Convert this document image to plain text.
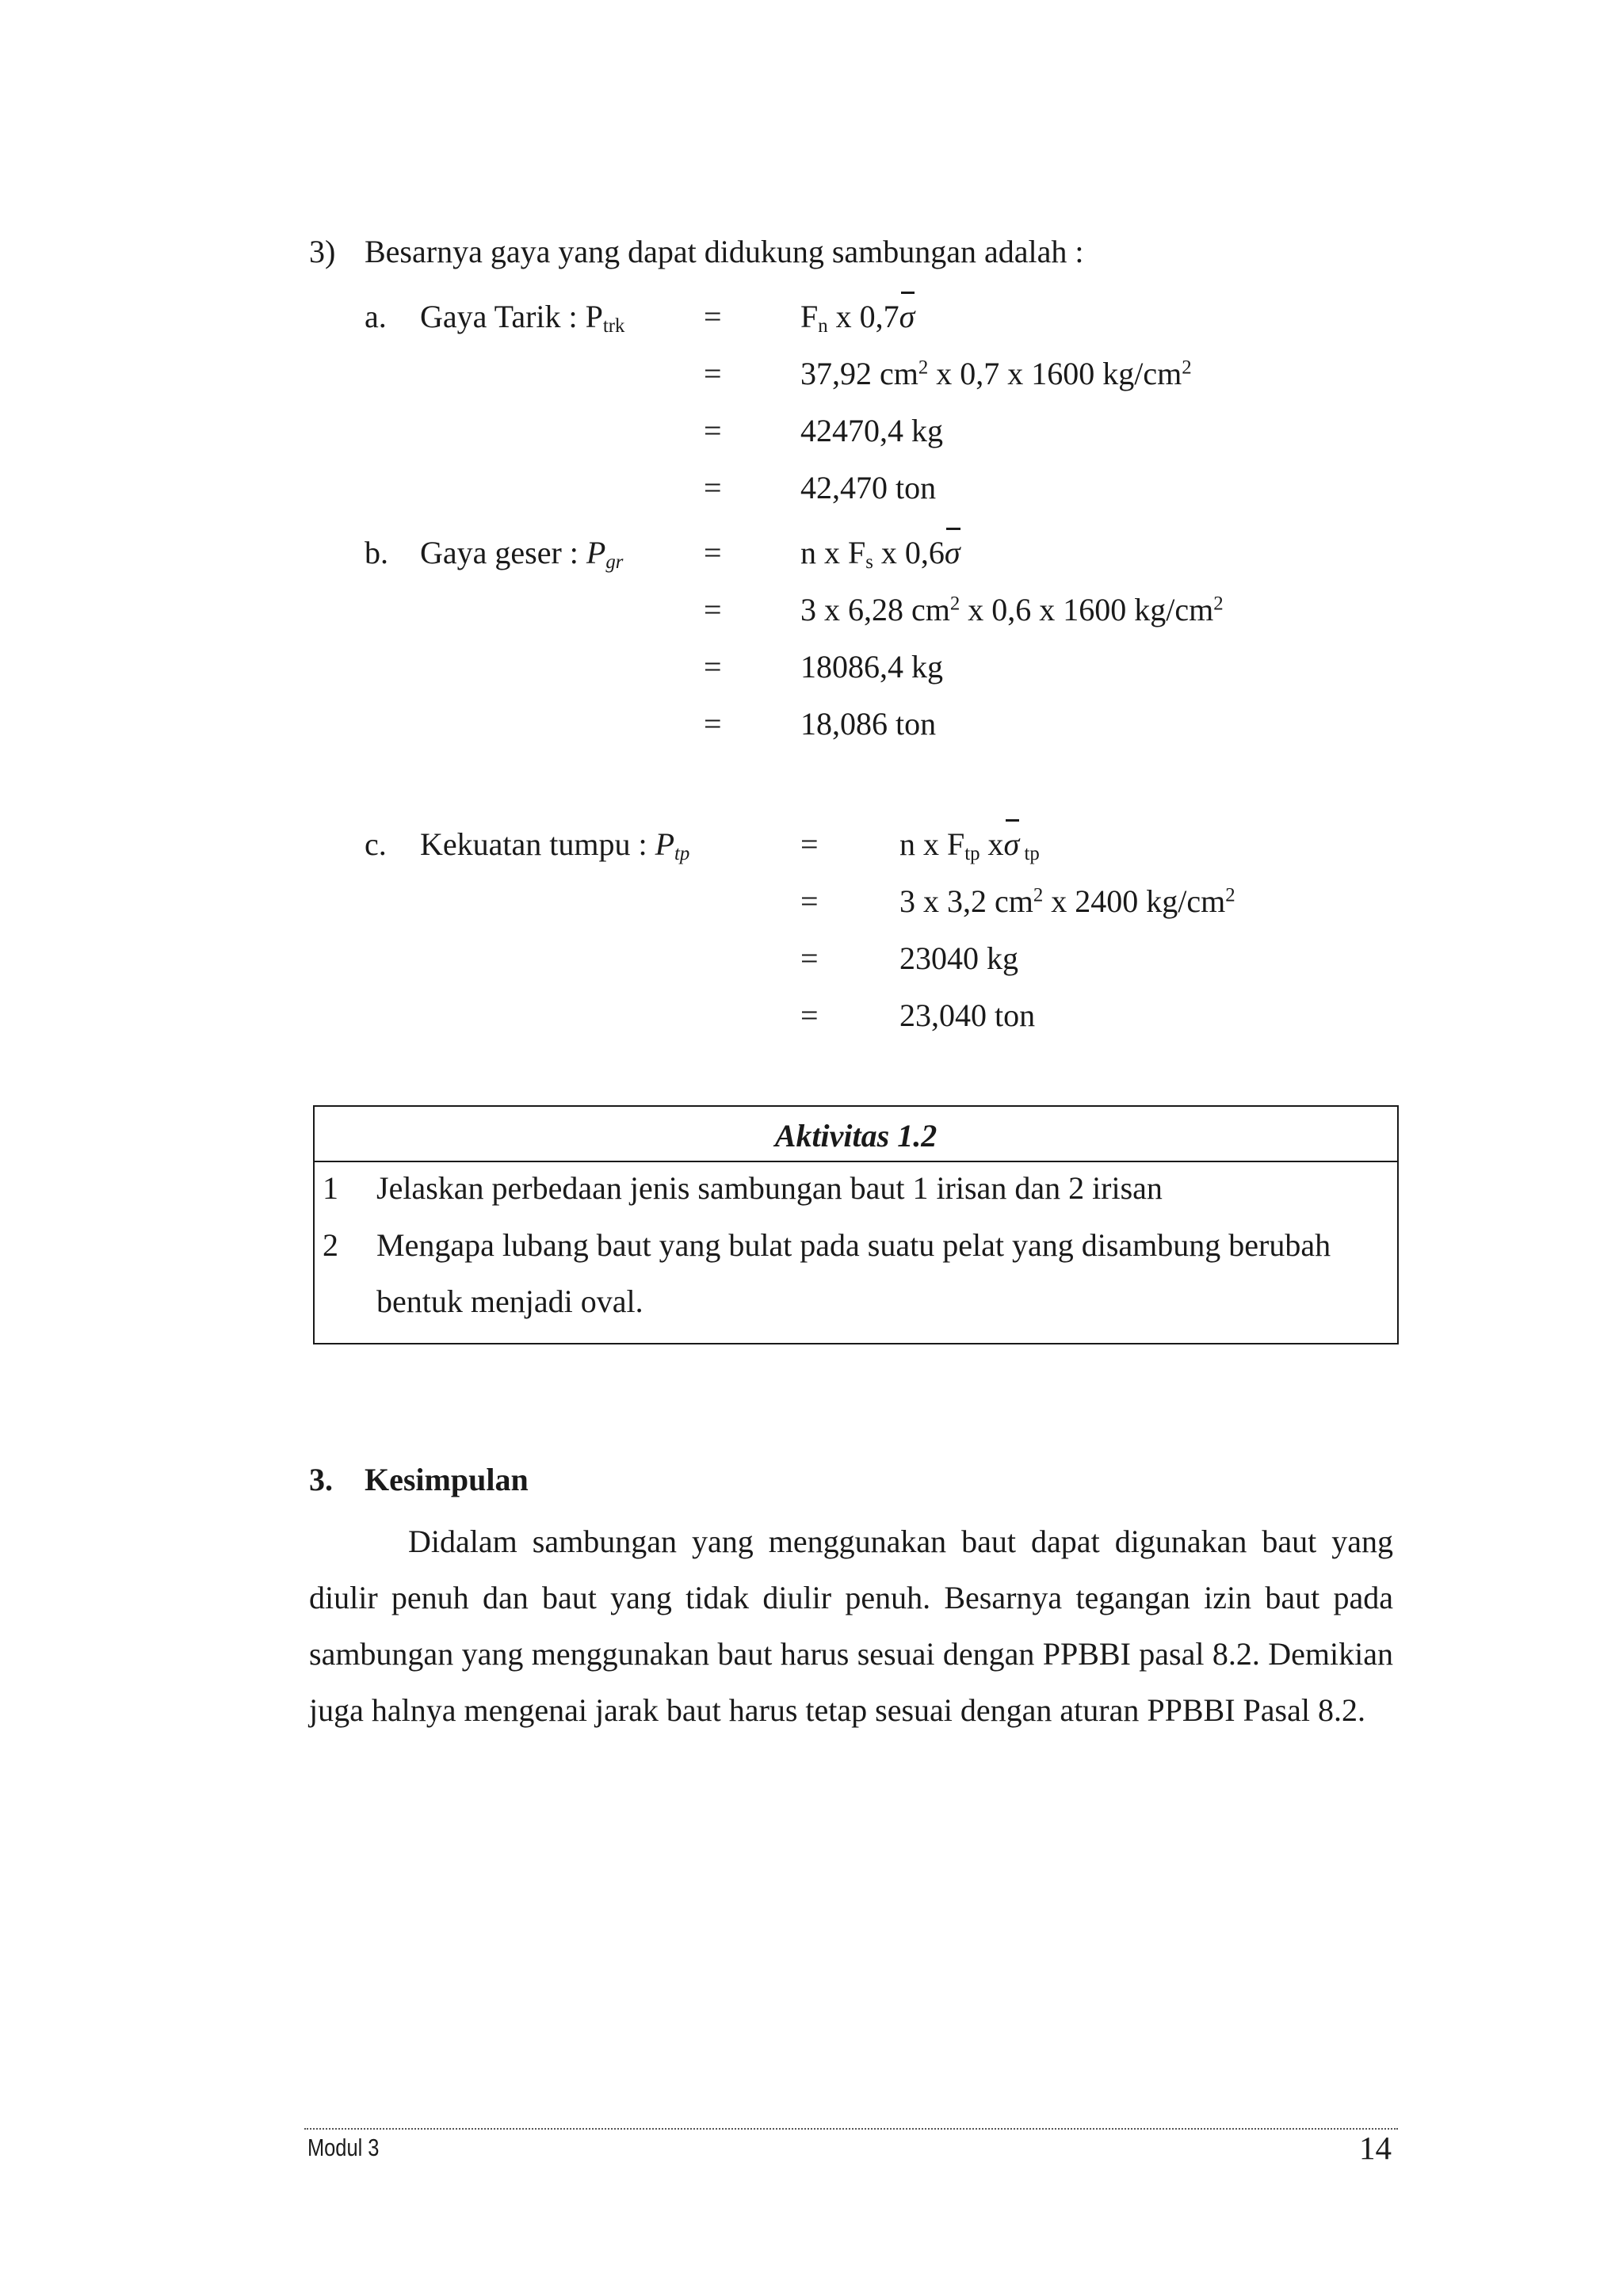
3) Besarnya gaya yang dapat didukung sambungan adalah :
a. Gaya Tarik : $P_{trk} = F_n$ x 0,7σ
= 37,92 $cm^2$ x 0,7 x 1600 $kg/cm^2$
= 42470,4 kg
= 42,470 ton
b. Gaya geser : $P_{gr}$	= n x $F_s$ x 0,6σ
= 3 x 6,28 $cm^2$ x 0,6 x 1600 $kg/cm^2$
= 18086,4 kg
= 18,086 ton
c. Kekuatan tumpu : $P_{tp}$	=	n x $F_{tp}$ xσ $_{tp}$
=	3 x 3,2 $cm^2$ x 2400 $kg/cm^2$
=	23040 kg
=	23,040 ton
Aktivitas 1.2
1 Jelaskan perbedaan jenis sambungan baut 1 irisan dan 2 irisan
2 Mengapa lubang baut yang bulat pada suatu pelat yang disambung berubah bentuk menjadi oval.
3. Kesimpulan
Didalam sambungan yang menggunakan baut dapat digunakan baut yang diulir penuh dan baut yang tidak diulir penuh. Besarnya tegangan izin baut pada sambungan yang menggunakan baut harus sesuai dengan PPBBI pasal 8.2. Demikian juga halnya mengenai jarak baut harus tetap sesuai dengan aturan PPBBI Pasal 8.2.
Modul 3	14
